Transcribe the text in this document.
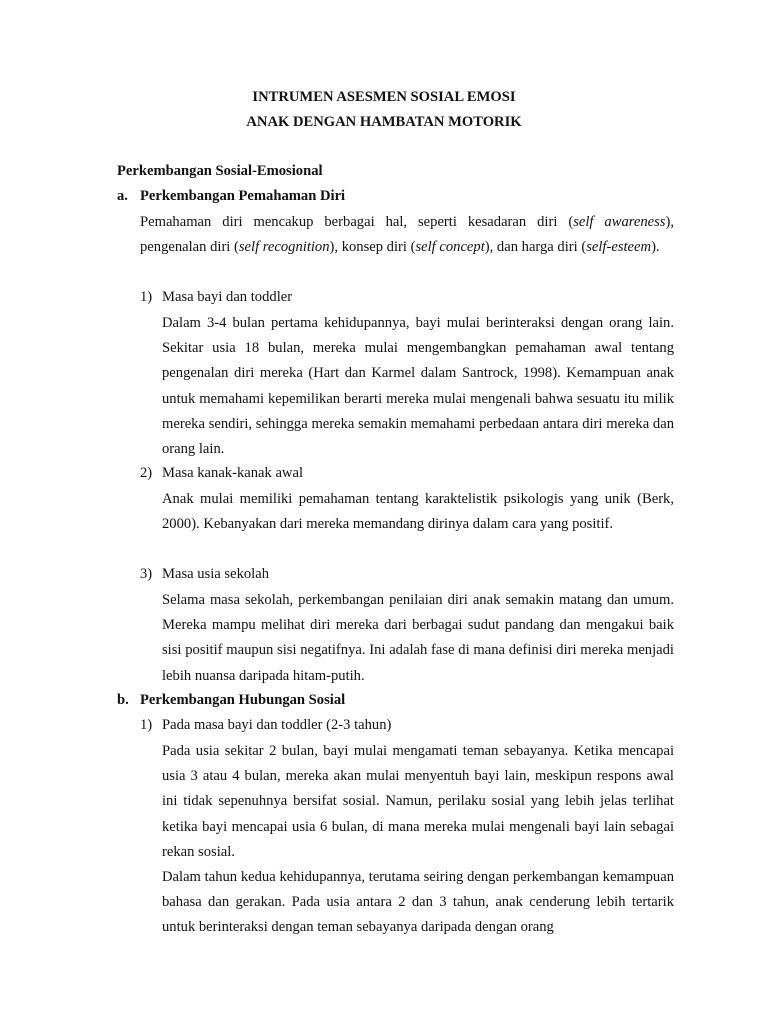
INTRUMEN ASESMEN SOSIAL EMOSI
ANAK DENGAN HAMBATAN MOTORIK
Perkembangan Sosial-Emosional
a. Perkembangan Pemahaman Diri

Pemahaman diri mencakup berbagai hal, seperti kesadaran diri (self awareness), pengenalan diri (self recognition), konsep diri (self concept), dan harga diri (self-esteem).

1) Masa bayi dan toddler

Dalam 3-4 bulan pertama kehidupannya, bayi mulai berinteraksi dengan orang lain. Sekitar usia 18 bulan, mereka mulai mengembangkan pemahaman awal tentang pengenalan diri mereka (Hart dan Karmel dalam Santrock, 1998). Kemampuan anak untuk memahami kepemilikan berarti mereka mulai mengenali bahwa sesuatu itu milik mereka sendiri, sehingga mereka semakin memahami perbedaan antara diri mereka dan orang lain.

2) Masa kanak-kanak awal

Anak mulai memiliki pemahaman tentang karaktelistik psikologis yang unik (Berk, 2000). Kebanyakan dari mereka memandang dirinya dalam cara yang positif.

3) Masa usia sekolah

Selama masa sekolah, perkembangan penilaian diri anak semakin matang dan umum. Mereka mampu melihat diri mereka dari berbagai sudut pandang dan mengakui baik sisi positif maupun sisi negatifnya. Ini adalah fase di mana definisi diri mereka menjadi lebih nuansa daripada hitam-putih.

b. Perkembangan Hubungan Sosial
1) Pada masa bayi dan toddler (2-3 tahun)

Pada usia sekitar 2 bulan, bayi mulai mengamati teman sebayanya. Ketika mencapai usia 3 atau 4 bulan, mereka akan mulai menyentuh bayi lain, meskipun respons awal ini tidak sepenuhnya bersifat sosial. Namun, perilaku sosial yang lebih jelas terlihat ketika bayi mencapai usia 6 bulan, di mana mereka mulai mengenali bayi lain sebagai rekan sosial.

Dalam tahun kedua kehidupannya, terutama seiring dengan perkembangan kemampuan bahasa dan gerakan. Pada usia antara 2 dan 3 tahun, anak cenderung lebih tertarik untuk berinteraksi dengan teman sebayanya daripada dengan orang
